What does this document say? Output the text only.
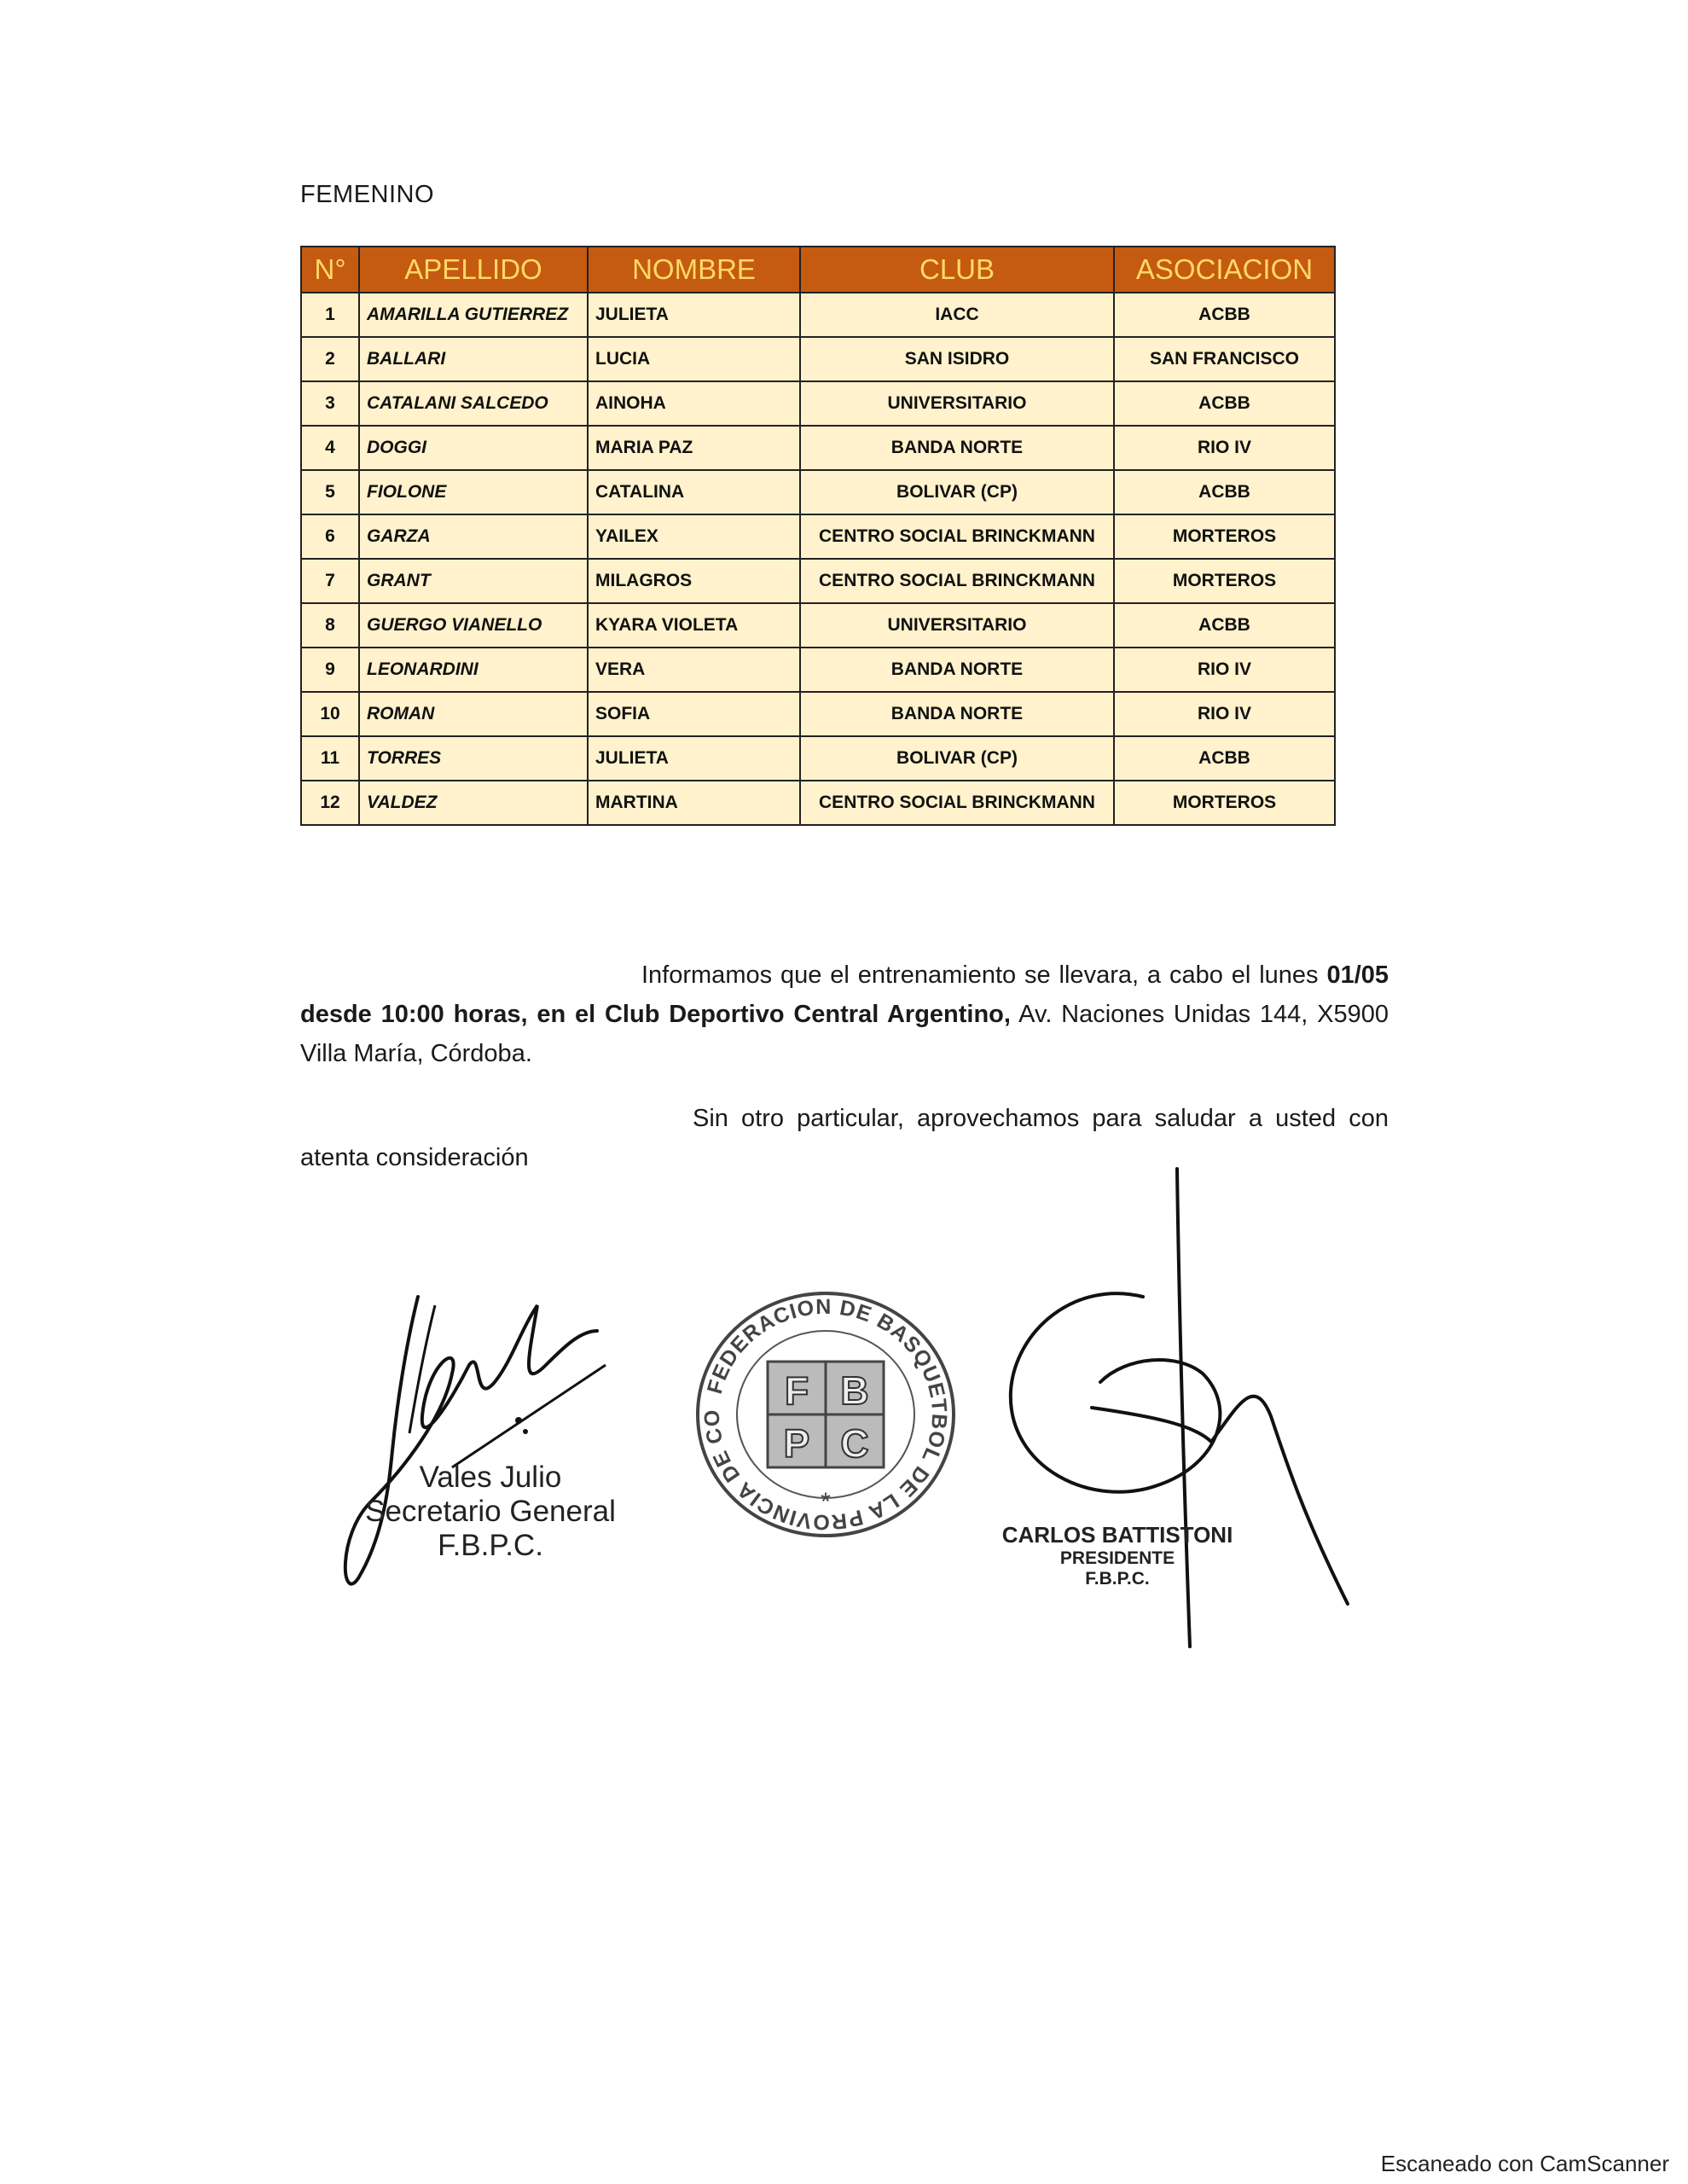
FEMENINO
N°	APELLIDO	NOMBRE	CLUB	ASOCIACION
1	AMARILLA GUTIERREZ	JULIETA	IACC	ACBB
2	BALLARI	LUCIA	SAN ISIDRO	SAN FRANCISCO
3	CATALANI SALCEDO	AINOHA	UNIVERSITARIO	ACBB
4	DOGGI	MARIA PAZ	BANDA NORTE	RIO IV
5	FIOLONE	CATALINA	BOLIVAR (CP)	ACBB
6	GARZA	YAILEX	CENTRO SOCIAL BRINCKMANN	MORTEROS
7	GRANT	MILAGROS	CENTRO SOCIAL BRINCKMANN	MORTEROS
8	GUERGO VIANELLO	KYARA VIOLETA	UNIVERSITARIO	ACBB
9	LEONARDINI	VERA	BANDA NORTE	RIO IV
10	ROMAN	SOFIA	BANDA NORTE	RIO IV
11	TORRES	JULIETA	BOLIVAR (CP)	ACBB
12	VALDEZ	MARTINA	CENTRO SOCIAL BRINCKMANN	MORTEROS
Informamos que el entrenamiento se llevara, a cabo el lunes 01/05 desde 10:00 horas, en el Club Deportivo Central Argentino, Av. Naciones Unidas 144, X5900 Villa María, Córdoba.
Sin otro particular, aprovechamos para saludar a usted con atenta consideración
Vales Julio
Secretario General
F.B.P.C.
FEDERACION DE BASQUETBOL DE LA PROVINCIA DE CO
F B
P C
*
CARLOS BATTISTONI
PRESIDENTE
F.B.P.C.
Escaneado con CamScanner
